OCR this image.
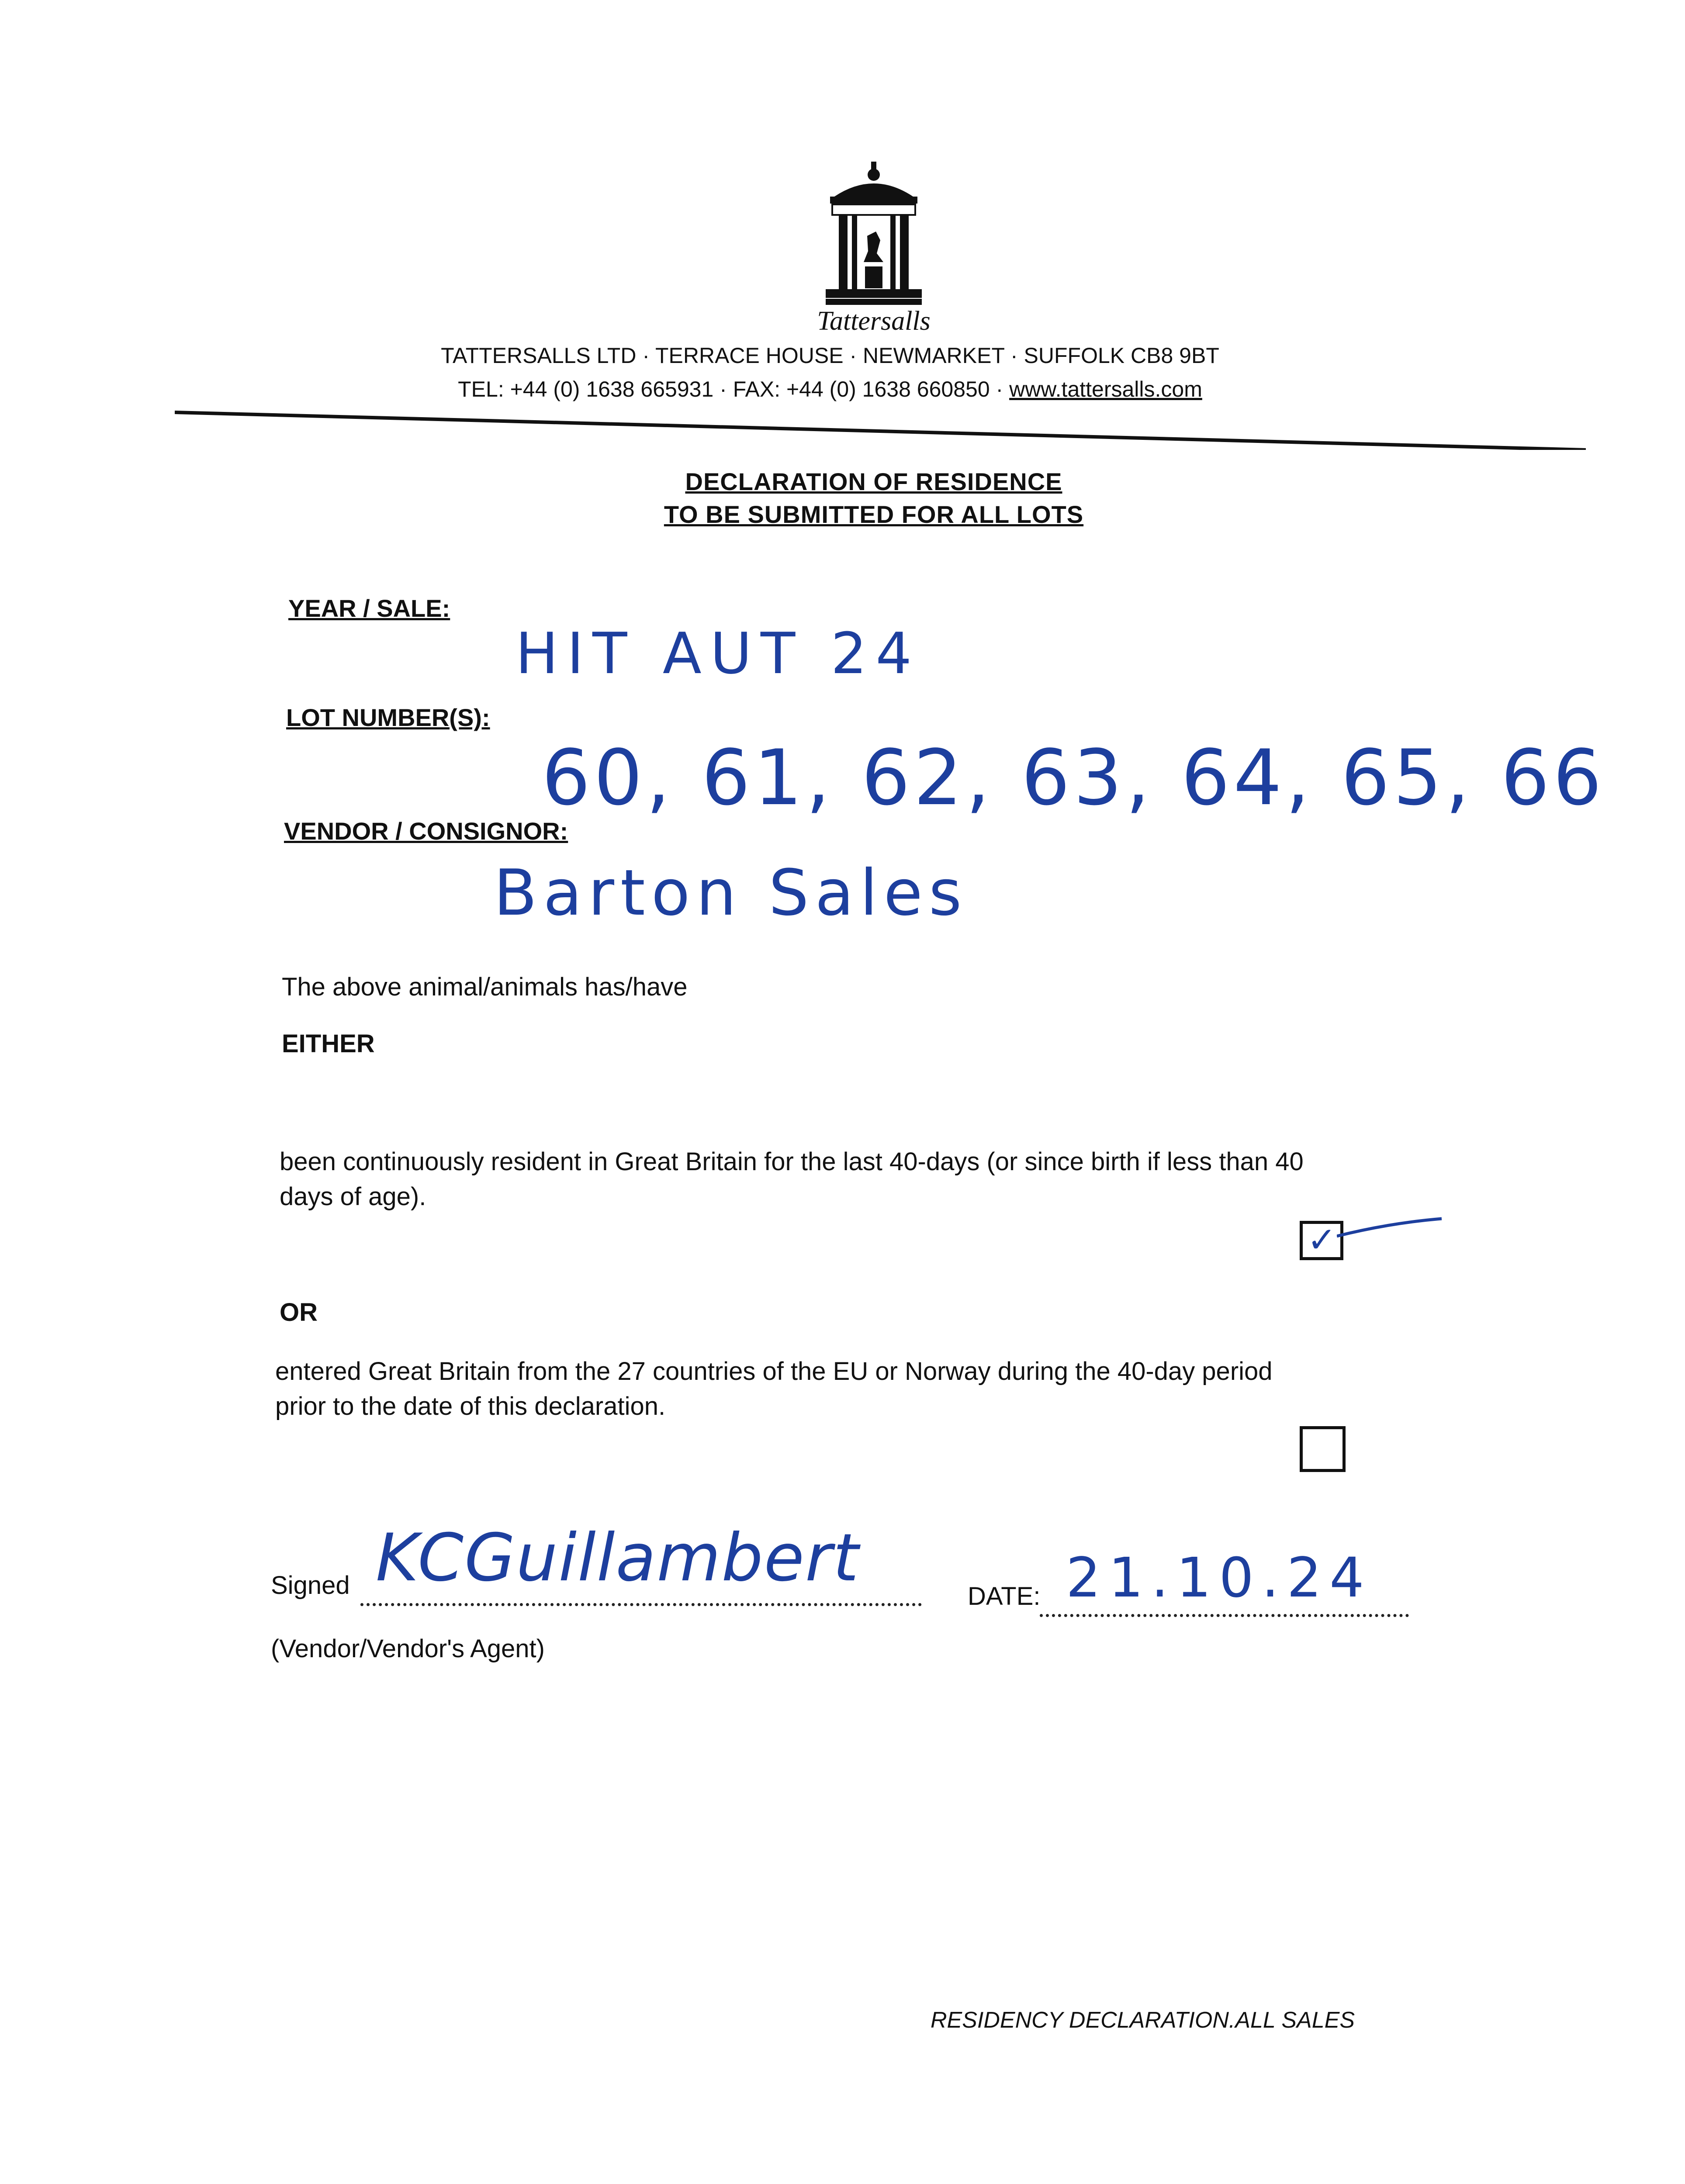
Tattersalls
TATTERSALLS LTD · TERRACE HOUSE · NEWMARKET · SUFFOLK CB8 9BT
TEL: +44 (0) 1638 665931 · FAX: +44 (0) 1638 660850 · www.tattersalls.com
DECLARATION OF RESIDENCE
TO BE SUBMITTED FOR ALL LOTS
YEAR / SALE:
HIT AUT 24
LOT NUMBER(S):
60, 61, 62, 63, 64, 65, 66
VENDOR / CONSIGNOR:
Barton Sales
The above animal/animals has/have
EITHER
been continuously resident in Great Britain for the last 40-days (or since birth if less than 40
days of age).
✓
OR
entered Great Britain from the 27 countries of the EU or Norway during the 40-day period
prior to the date of this declaration.
Signed KCGuillambert
DATE: 21.10.24
(Vendor/Vendor's Agent)
RESIDENCY DECLARATION.ALL SALES
